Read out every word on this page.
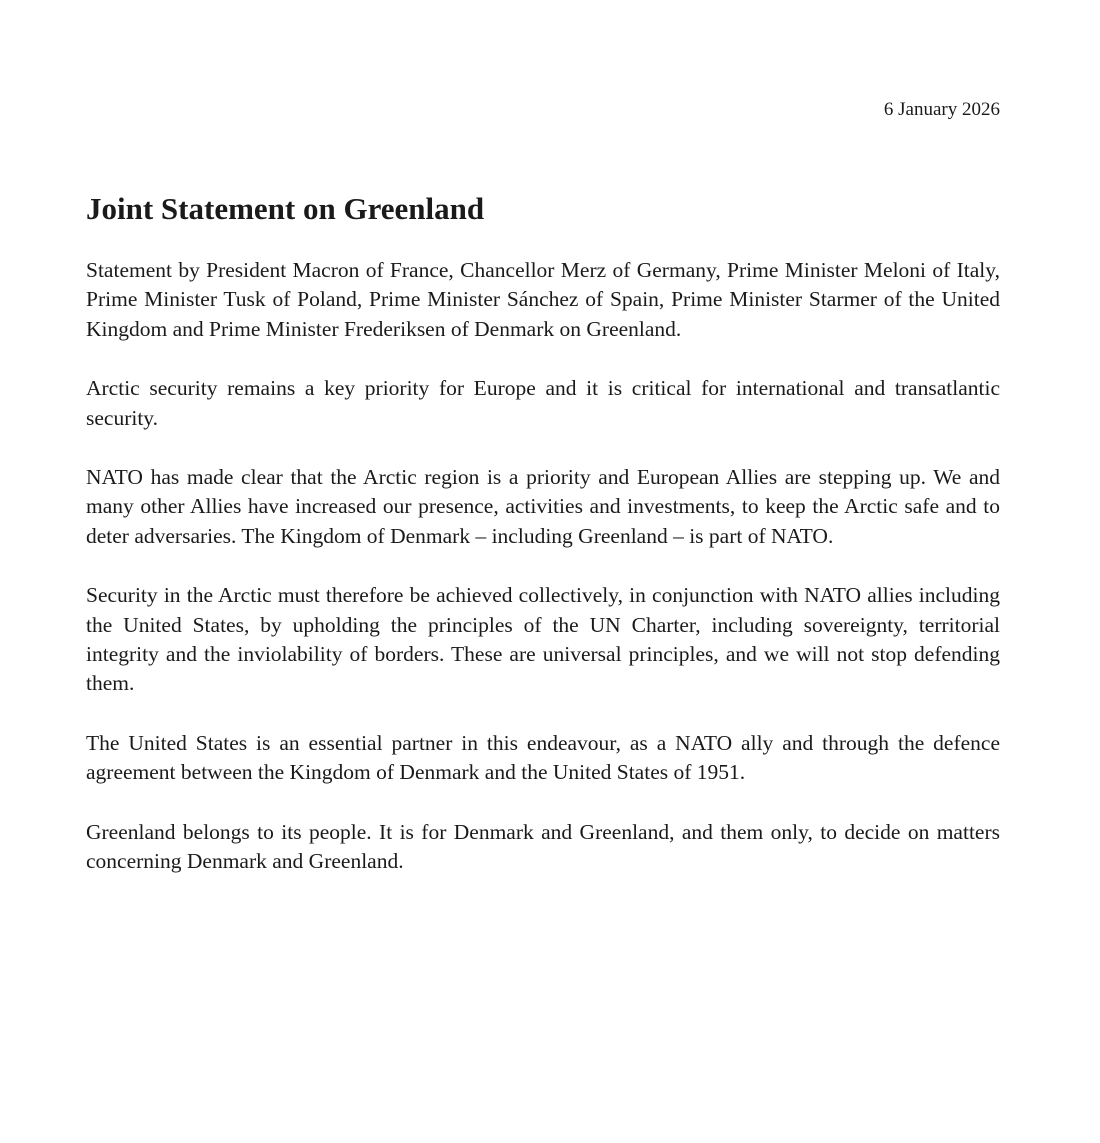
6 January 2026
Joint Statement on Greenland

Statement by President Macron of France, Chancellor Merz of Germany, Prime Minister Meloni of Italy, Prime Minister Tusk of Poland, Prime Minister Sánchez of Spain, Prime Minister Starmer of the United Kingdom and Prime Minister Frederiksen of Denmark on Greenland.

Arctic security remains a key priority for Europe and it is critical for international and transatlantic security.

NATO has made clear that the Arctic region is a priority and European Allies are stepping up. We and many other Allies have increased our presence, activities and investments, to keep the Arctic safe and to deter adversaries. The Kingdom of Denmark – including Greenland – is part of NATO.

Security in the Arctic must therefore be achieved collectively, in conjunction with NATO allies including the United States, by upholding the principles of the UN Charter, including sovereignty, territorial integrity and the inviolability of borders. These are universal principles, and we will not stop defending them.

The United States is an essential partner in this endeavour, as a NATO ally and through the defence agreement between the Kingdom of Denmark and the United States of 1951.

Greenland belongs to its people. It is for Denmark and Greenland, and them only, to decide on matters concerning Denmark and Greenland.
